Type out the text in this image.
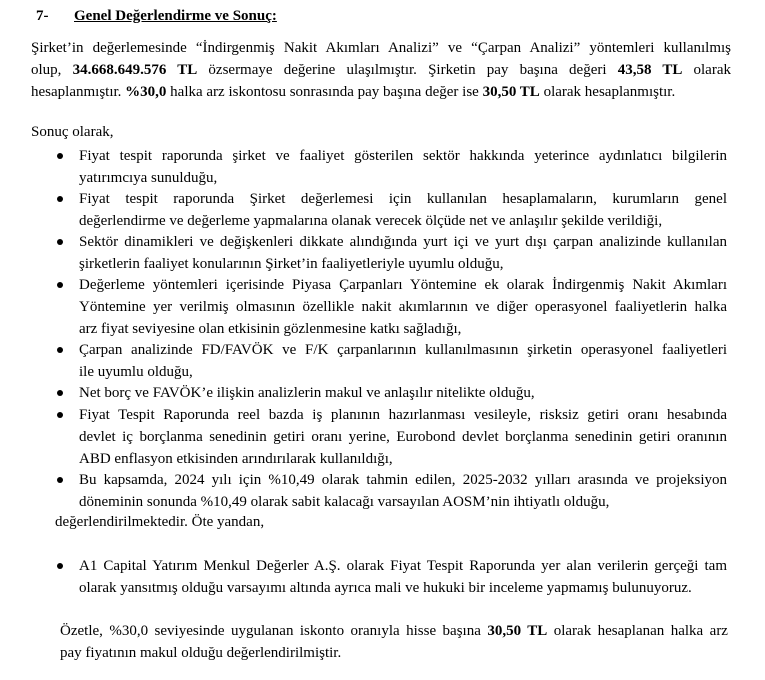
7- Genel Değerlendirme ve Sonuç:
Şirket’in değerlemesinde “İndirgenmiş Nakit Akımları Analizi” ve “Çarpan Analizi” yöntemleri kullanılmış
olup, 34.668.649.576 TL özsermaye değerine ulaşılmıştır. Şirketin pay başına değeri 43,58 TL olarak
hesaplanmıştır. %30,0 halka arz iskontosu sonrasında pay başına değer ise 30,50 TL olarak hesaplanmıştır.
Sonuç olarak,
Fiyat tespit raporunda şirket ve faaliyet gösterilen sektör hakkında yeterince aydınlatıcı bilgilerin
yatırımcıya sunulduğu,
Fiyat tespit raporunda Şirket değerlemesi için kullanılan hesaplamaların, kurumların genel
değerlendirme ve değerleme yapmalarına olanak verecek ölçüde net ve anlaşılır şekilde verildiği,
Sektör dinamikleri ve değişkenleri dikkate alındığında yurt içi ve yurt dışı çarpan analizinde kullanılan
şirketlerin faaliyet konularının Şirket’in faaliyetleriyle uyumlu olduğu,
Değerleme yöntemleri içerisinde Piyasa Çarpanları Yöntemine ek olarak İndirgenmiş Nakit Akımları
Yöntemine yer verilmiş olmasının özellikle nakit akımlarının ve diğer operasyonel faaliyetlerin halka
arz fiyat seviyesine olan etkisinin gözlenmesine katkı sağladığı,
Çarpan analizinde FD/FAVÖK ve F/K çarpanlarının kullanılmasının şirketin operasyonel faaliyetleri
ile uyumlu olduğu,
Net borç ve FAVÖK’e ilişkin analizlerin makul ve anlaşılır nitelikte olduğu,
Fiyat Tespit Raporunda reel bazda iş planının hazırlanması vesileyle, risksiz getiri oranı hesabında
devlet iç borçlanma senedinin getiri oranı yerine, Eurobond devlet borçlanma senedinin getiri oranının
ABD enflasyon etkisinden arındırılarak kullanıldığı,
Bu kapsamda, 2024 yılı için %10,49 olarak tahmin edilen, 2025-2032 yılları arasında ve projeksiyon
döneminin sonunda %10,49 olarak sabit kalacağı varsayılan AOSM’nin ihtiyatlı olduğu,
değerlendirilmektedir. Öte yandan,
A1 Capital Yatırım Menkul Değerler A.Ş. olarak Fiyat Tespit Raporunda yer alan verilerin gerçeği tam
olarak yansıtmış olduğu varsayımı altında ayrıca mali ve hukuki bir inceleme yapmamış bulunuyoruz.
Özetle, %30,0 seviyesinde uygulanan iskonto oranıyla hisse başına 30,50 TL olarak hesaplanan halka arz
pay fiyatının makul olduğu değerlendirilmiştir.
